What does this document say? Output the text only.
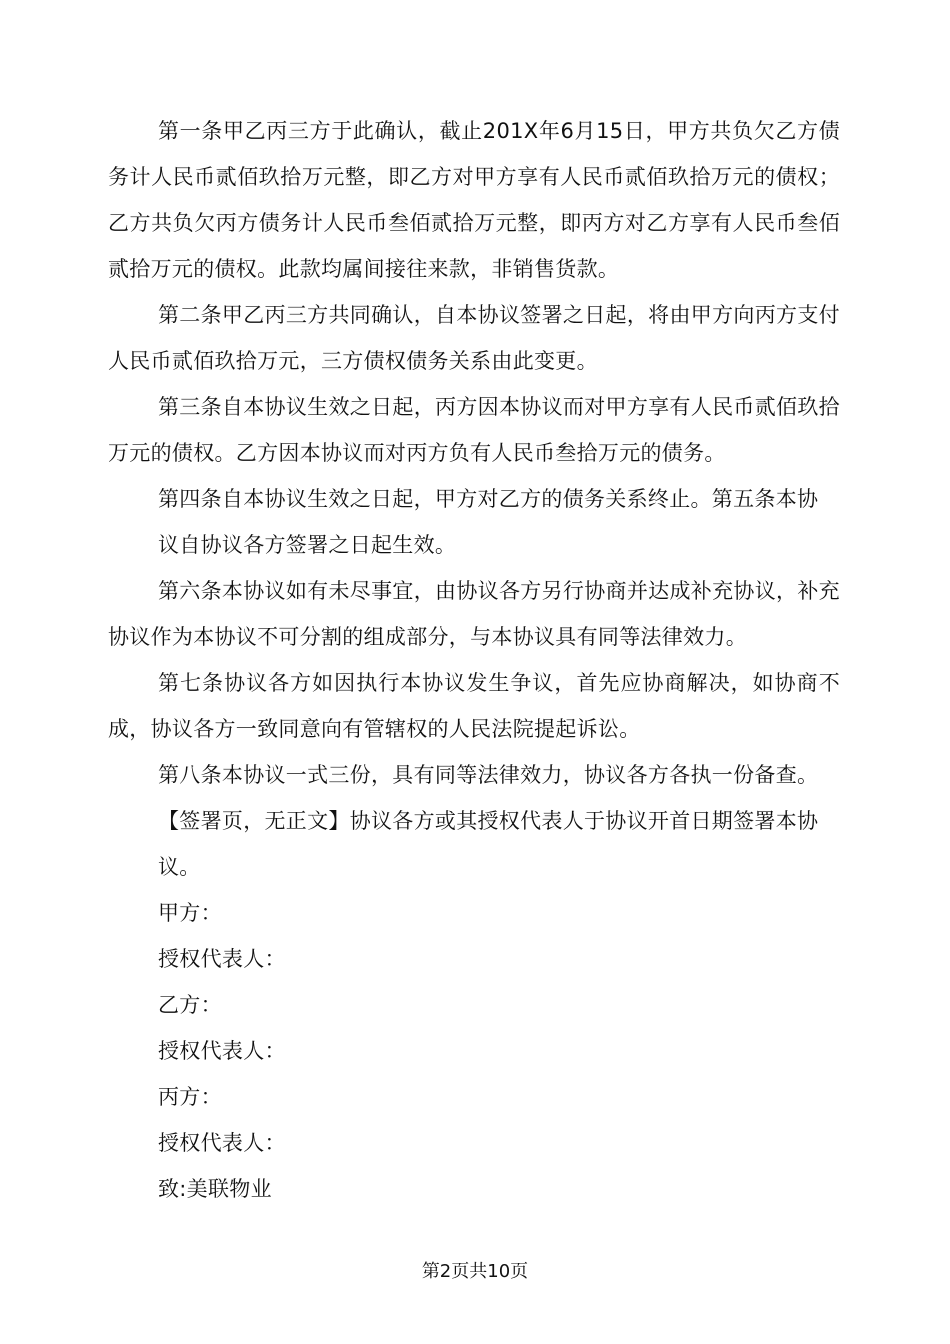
第一条甲乙丙三方于此确认，截止201X年6月15日，甲方共负欠乙方债务计人民币贰佰玖拾万元整，即乙方对甲方享有人民币贰佰玖拾万元的债权；乙方共负欠丙方债务计人民币叁佰贰拾万元整，即丙方对乙方享有人民币叁佰贰拾万元的债权。此款均属间接往来款，非销售货款。

第二条甲乙丙三方共同确认，自本协议签署之日起，将由甲方向丙方支付人民币贰佰玖拾万元，三方债权债务关系由此变更。

第三条自本协议生效之日起，丙方因本协议而对甲方享有人民币贰佰玖拾万元的债权。乙方因本协议而对丙方负有人民币叁拾万元的债务。

第四条自本协议生效之日起，甲方对乙方的债务关系终止。第五条本协

议自协议各方签署之日起生效。

第六条本协议如有未尽事宜，由协议各方另行协商并达成补充协议，补充协议作为本协议不可分割的组成部分，与本协议具有同等法律效力。

第七条协议各方如因执行本协议发生争议，首先应协商解决，如协商不成，协议各方一致同意向有管辖权的人民法院提起诉讼。

第八条本协议一式三份，具有同等法律效力，协议各方各执一份备查。

【签署页，无正文】协议各方或其授权代表人于协议开首日期签署本协

议。

甲方：

授权代表人：

乙方：

授权代表人：

丙方：

授权代表人：

致:美联物业

第2页共10页
